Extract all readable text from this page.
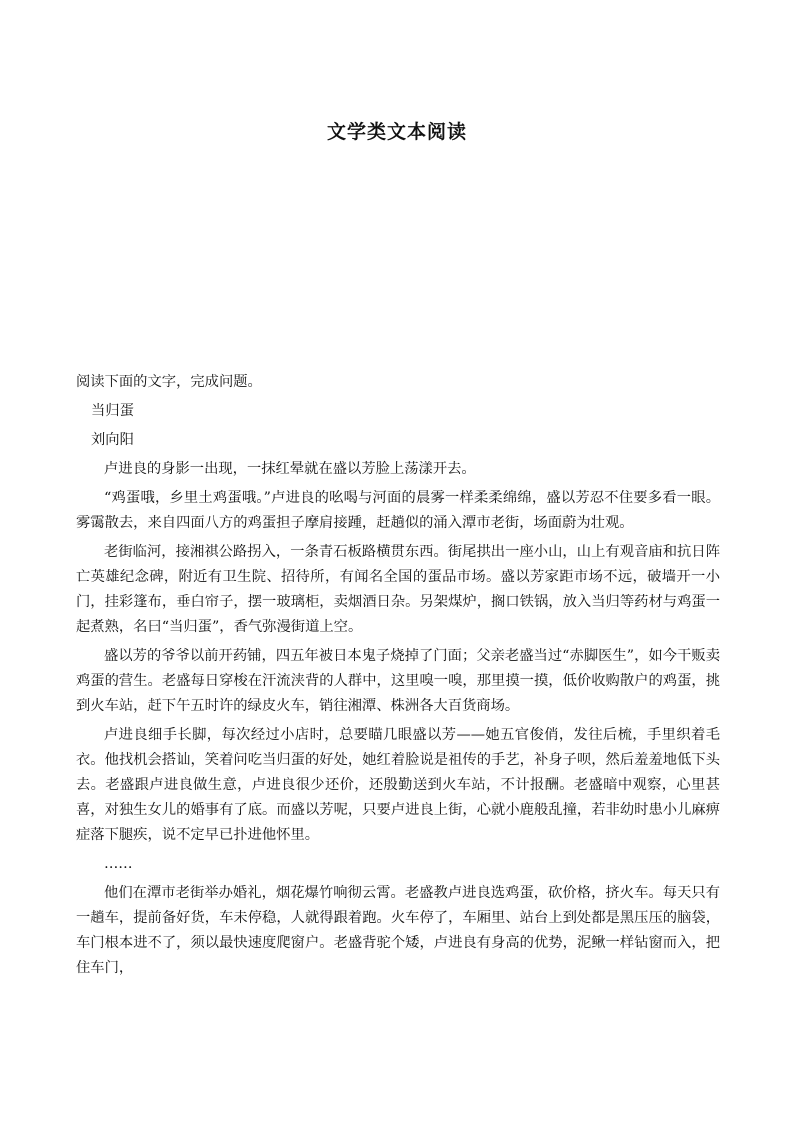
文学类文本阅读

阅读下面的文字，完成问题。

当归蛋

刘向阳

卢进良的身影一出现，一抹红晕就在盛以芳脸上荡漾开去。

“鸡蛋哦，乡里土鸡蛋哦。”卢进良的吆喝与河面的晨雾一样柔柔绵绵，盛以芳忍不住要多看一眼。雾霭散去，来自四面八方的鸡蛋担子摩肩接踵，赶趟似的涌入潭市老街，场面蔚为壮观。

老街临河，接湘祺公路拐入，一条青石板路横贯东西。街尾拱出一座小山，山上有观音庙和抗日阵亡英雄纪念碑，附近有卫生院、招待所，有闻名全国的蛋品市场。盛以芳家距市场不远，破墙开一小门，挂彩篷布，垂白帘子，摆一玻璃柜，卖烟酒日杂。另架煤炉，搁口铁锅，放入当归等药材与鸡蛋一起煮熟，名曰“当归蛋”，香气弥漫街道上空。

盛以芳的爷爷以前开药铺，四五年被日本鬼子烧掉了门面；父亲老盛当过“赤脚医生”，如今干贩卖鸡蛋的营生。老盛每日穿梭在汗流浃背的人群中，这里嗅一嗅，那里摸一摸，低价收购散户的鸡蛋，挑到火车站，赶下午五时许的绿皮火车，销往湘潭、株洲各大百货商场。

卢进良细手长脚，每次经过小店时，总要瞄几眼盛以芳——她五官俊俏，发往后梳，手里织着毛衣。他找机会搭讪，笑着问吃当归蛋的好处，她红着脸说是祖传的手艺，补身子呗，然后羞羞地低下头去。老盛跟卢进良做生意，卢进良很少还价，还殷勤送到火车站，不计报酬。老盛暗中观察，心里甚喜，对独生女儿的婚事有了底。而盛以芳呢，只要卢进良上街，心就小鹿般乱撞，若非幼时患小儿麻痹症落下腿疾，说不定早已扑进他怀里。

……

他们在潭市老街举办婚礼，烟花爆竹响彻云霄。老盛教卢进良选鸡蛋，砍价格，挤火车。每天只有一趟车，提前备好货，车未停稳，人就得跟着跑。火车停了，车厢里、站台上到处都是黑压压的脑袋，车门根本进不了，须以最快速度爬窗户。老盛背驼个矮，卢进良有身高的优势，泥鳅一样钻窗而入，把住车门，
